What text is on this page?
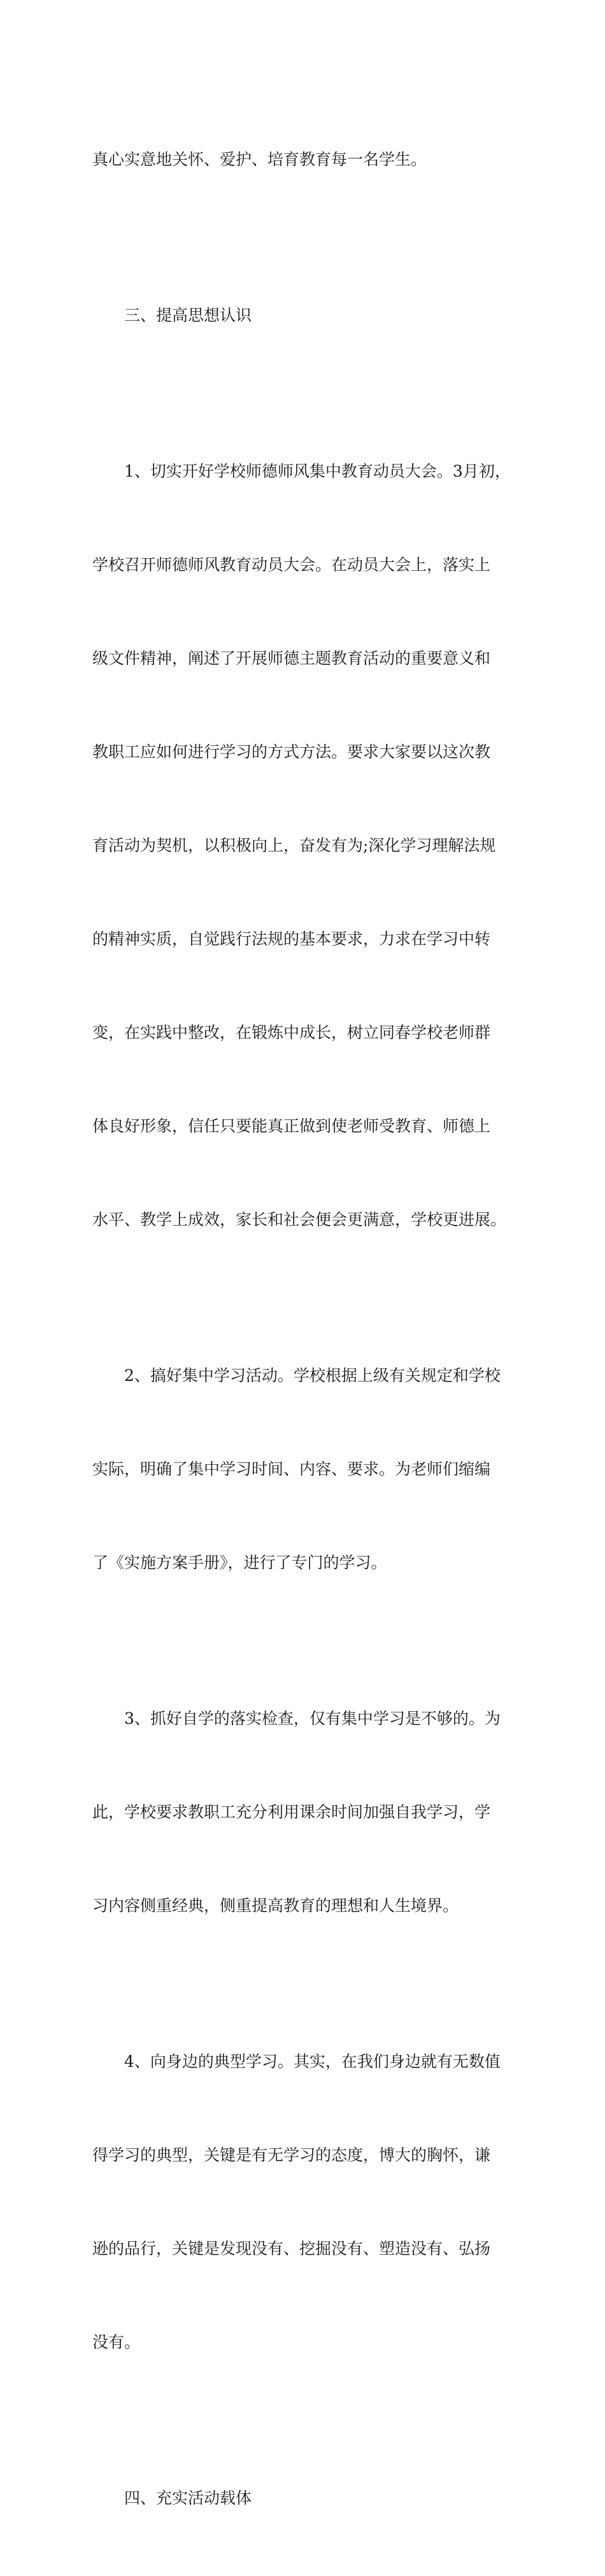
真心实意地关怀、爱护、培育教育每一名学生。

　　三、提高思想认识

　　1、切实开好学校师德师风集中教育动员大会。3月初，

学校召开师德师风教育动员大会。在动员大会上，落实上

级文件精神，阐述了开展师德主题教育活动的重要意义和

教职工应如何进行学习的方式方法。要求大家要以这次教

育活动为契机，以积极向上，奋发有为;深化学习理解法规

的精神实质，自觉践行法规的基本要求，力求在学习中转

变，在实践中整改，在锻炼中成长，树立同春学校老师群

体良好形象，信任只要能真正做到使老师受教育、师德上

水平、教学上成效，家长和社会便会更满意，学校更进展。

　　2、搞好集中学习活动。学校根据上级有关规定和学校

实际，明确了集中学习时间、内容、要求。为老师们缩编

了《实施方案手册》，进行了专门的学习。

　　3、抓好自学的落实检查，仅有集中学习是不够的。为

此，学校要求教职工充分利用课余时间加强自我学习，学

习内容侧重经典，侧重提高教育的理想和人生境界。

　　4、向身边的典型学习。其实，在我们身边就有无数值

得学习的典型，关键是有无学习的态度，博大的胸怀，谦

逊的品行，关键是发现没有、挖掘没有、塑造没有、弘扬

没有。

　　四、充实活动载体
